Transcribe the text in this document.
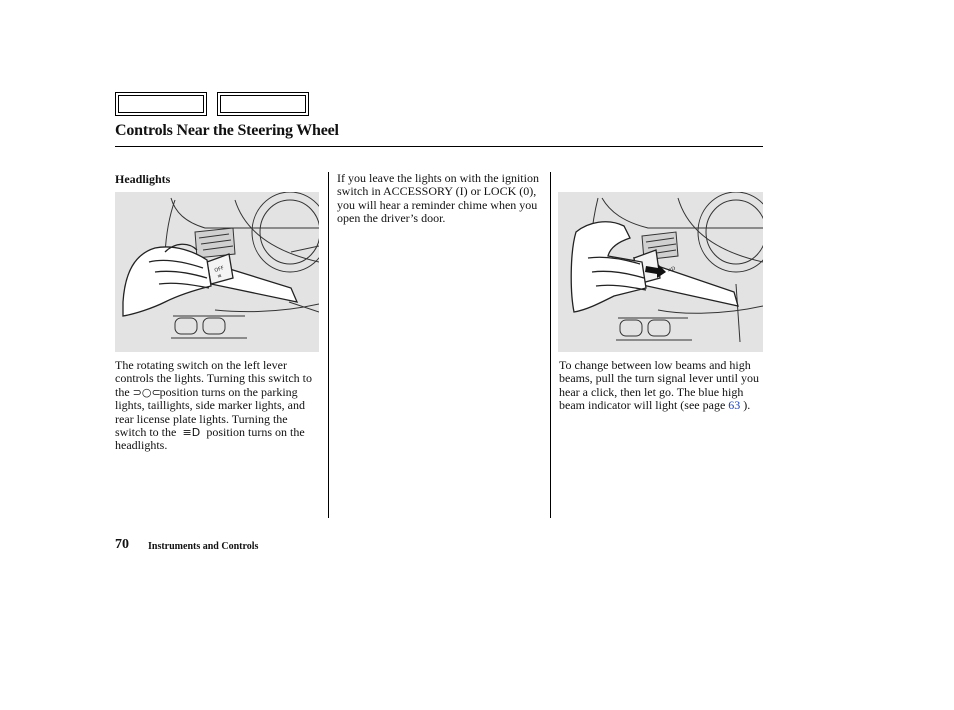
Controls Near the Steering Wheel
Headlights
OFF
≡
≡D
The rotating switch on the left lever controls the lights. Turning this switch to the ⊃○⊂ position turns on the parking lights, taillights, side marker lights, and rear license plate lights. Turning the switch to the ≡D position turns on the headlights.
If you leave the lights on with the ignition switch in ACCESSORY (I) or LOCK (0), you will hear a reminder chime when you open the driver’s door.
To change between low beams and high beams, pull the turn signal lever until you hear a click, then let go. The blue high beam indicator will light (see page 63 ).
70 Instruments and Controls
